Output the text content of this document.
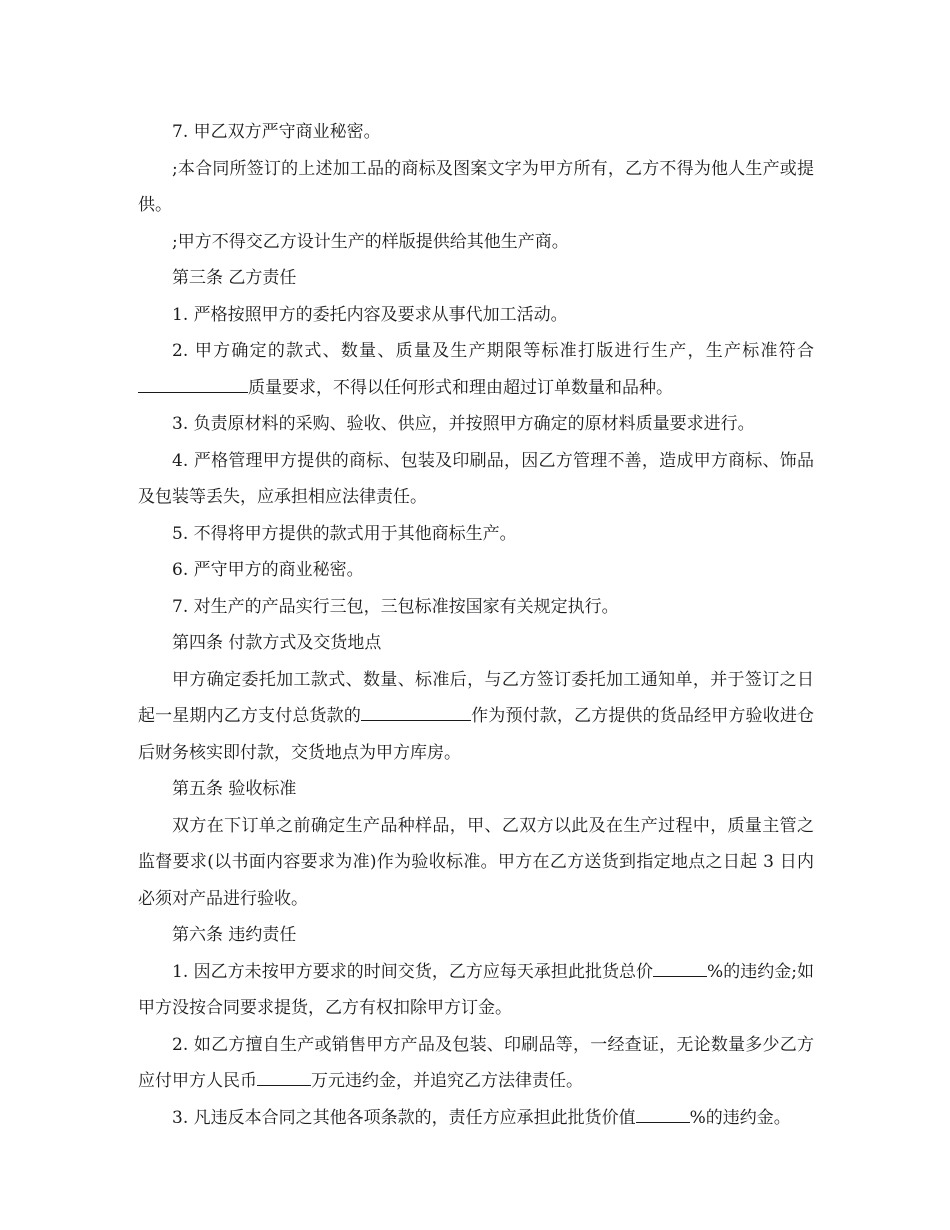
7. 甲乙双方严守商业秘密。

;本合同所签订的上述加工品的商标及图案文字为甲方所有，乙方不得为他人生产或提供。

;甲方不得交乙方设计生产的样版提供给其他生产商。

第三条 乙方责任

1. 严格按照甲方的委托内容及要求从事代加工活动。

2. 甲方确定的款式、数量、质量及生产期限等标准打版进行生产，生产标准符合质量要求，不得以任何形式和理由超过订单数量和品种。

3. 负责原材料的采购、验收、供应，并按照甲方确定的原材料质量要求进行。

4. 严格管理甲方提供的商标、包装及印刷品，因乙方管理不善，造成甲方商标、饰品及包装等丢失，应承担相应法律责任。

5. 不得将甲方提供的款式用于其他商标生产。

6. 严守甲方的商业秘密。

7. 对生产的产品实行三包，三包标准按国家有关规定执行。

第四条 付款方式及交货地点

甲方确定委托加工款式、数量、标准后，与乙方签订委托加工通知单，并于签订之日起一星期内乙方支付总货款的	作为预付款，乙方提供的货品经甲方验收进仓后财务核实即付款，交货地点为甲方库房。

第五条 验收标准

双方在下订单之前确定生产品种样品，甲、乙双方以此及在生产过程中，质量主管之监督要求(以书面内容要求为准)作为验收标准。甲方在乙方送货到指定地点之日起 3 日内必须对产品进行验收。

第六条 违约责任

1. 因乙方未按甲方要求的时间交货，乙方应每天承担此批货总价	%的违约金;如甲方没按合同要求提货，乙方有权扣除甲方订金。

2. 如乙方擅自生产或销售甲方产品及包装、印刷品等，一经查证，无论数量多少乙方应付甲方人民币	万元违约金，并追究乙方法律责任。

3. 凡违反本合同之其他各项条款的，责任方应承担此批货价值	%的违约金。
